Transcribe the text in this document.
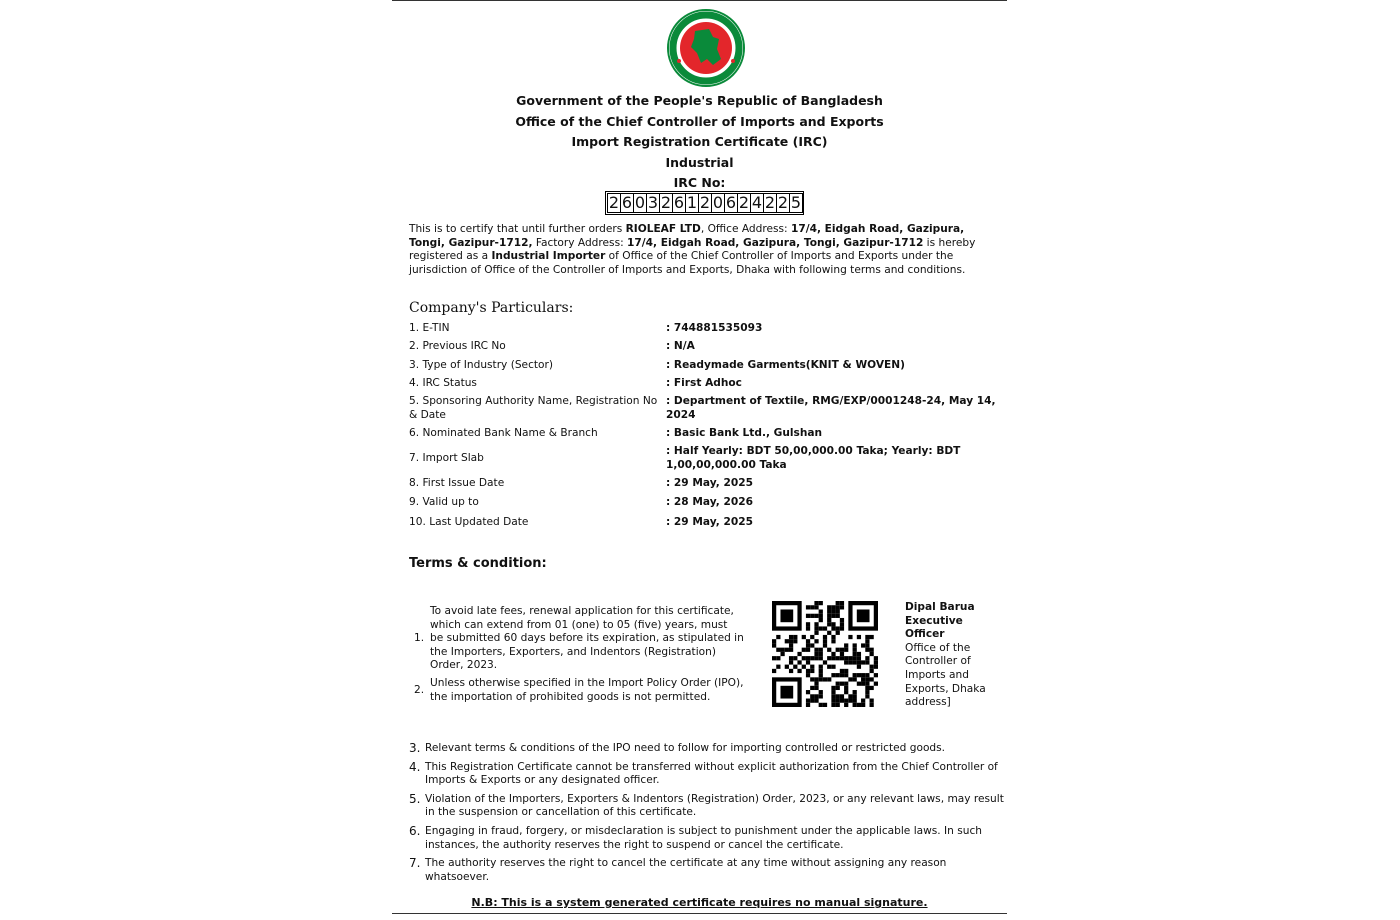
Government of the People's Republic of Bangladesh
Office of the Chief Controller of Imports and Exports
Import Registration Certificate (IRC)
Industrial
IRC No:
2 6 0 3 2 6 1 2 0 6 2 4 2 2 5
This is to certify that until further orders RIOLEAF LTD, Office Address: 17/4, Eidgah Road, Gazipura, Tongi, Gazipur-1712, Factory Address: 17/4, Eidgah Road, Gazipura, Tongi, Gazipur-1712 is hereby registered as a Industrial Importer of Office of the Chief Controller of Imports and Exports under the jurisdiction of Office of the Controller of Imports and Exports, Dhaka with following terms and conditions.
Company's Particulars:
1. E-TIN	: 744881535093
2. Previous IRC No	: N/A
3. Type of Industry (Sector)	: Readymade Garments(KNIT & WOVEN)
4. IRC Status	: First Adhoc
5. Sponsoring Authority Name, Registration No & Date
: Department of Textile, RMG/EXP/0001248-24, May 14, 2024
6. Nominated Bank Name & Branch	: Basic Bank Ltd., Gulshan
7. Import Slab
: Half Yearly: BDT 50,00,000.00 Taka; Yearly: BDT 1,00,00,000.00 Taka
8. First Issue Date	: 29 May, 2025
9. Valid up to	: 28 May, 2026
10. Last Updated Date	: 29 May, 2025
Terms & condition:
1.
To avoid late fees, renewal application for this certificate, which can extend from 01 (one) to 05 (five) years, must be submitted 60 days before its expiration, as stipulated in the Importers, Exporters, and Indentors (Registration) Order, 2023.
2.
Unless otherwise specified in the Import Policy Order (IPO), the importation of prohibited goods is not permitted.
Dipal Barua
Executive Officer
Office of the Controller of Imports and Exports, Dhaka address]
3. Relevant terms & conditions of the IPO need to follow for importing controlled or restricted goods.
4. This Registration Certificate cannot be transferred without explicit authorization from the Chief Controller of Imports & Exports or any designated officer.
5. Violation of the Importers, Exporters & Indentors (Registration) Order, 2023, or any relevant laws, may result in the suspension or cancellation of this certificate.
6. Engaging in fraud, forgery, or misdeclaration is subject to punishment under the applicable laws. In such instances, the authority reserves the right to suspend or cancel the certificate.
7. The authority reserves the right to cancel the certificate at any time without assigning any reason whatsoever.
N.B: This is a system generated certificate requires no manual signature.
